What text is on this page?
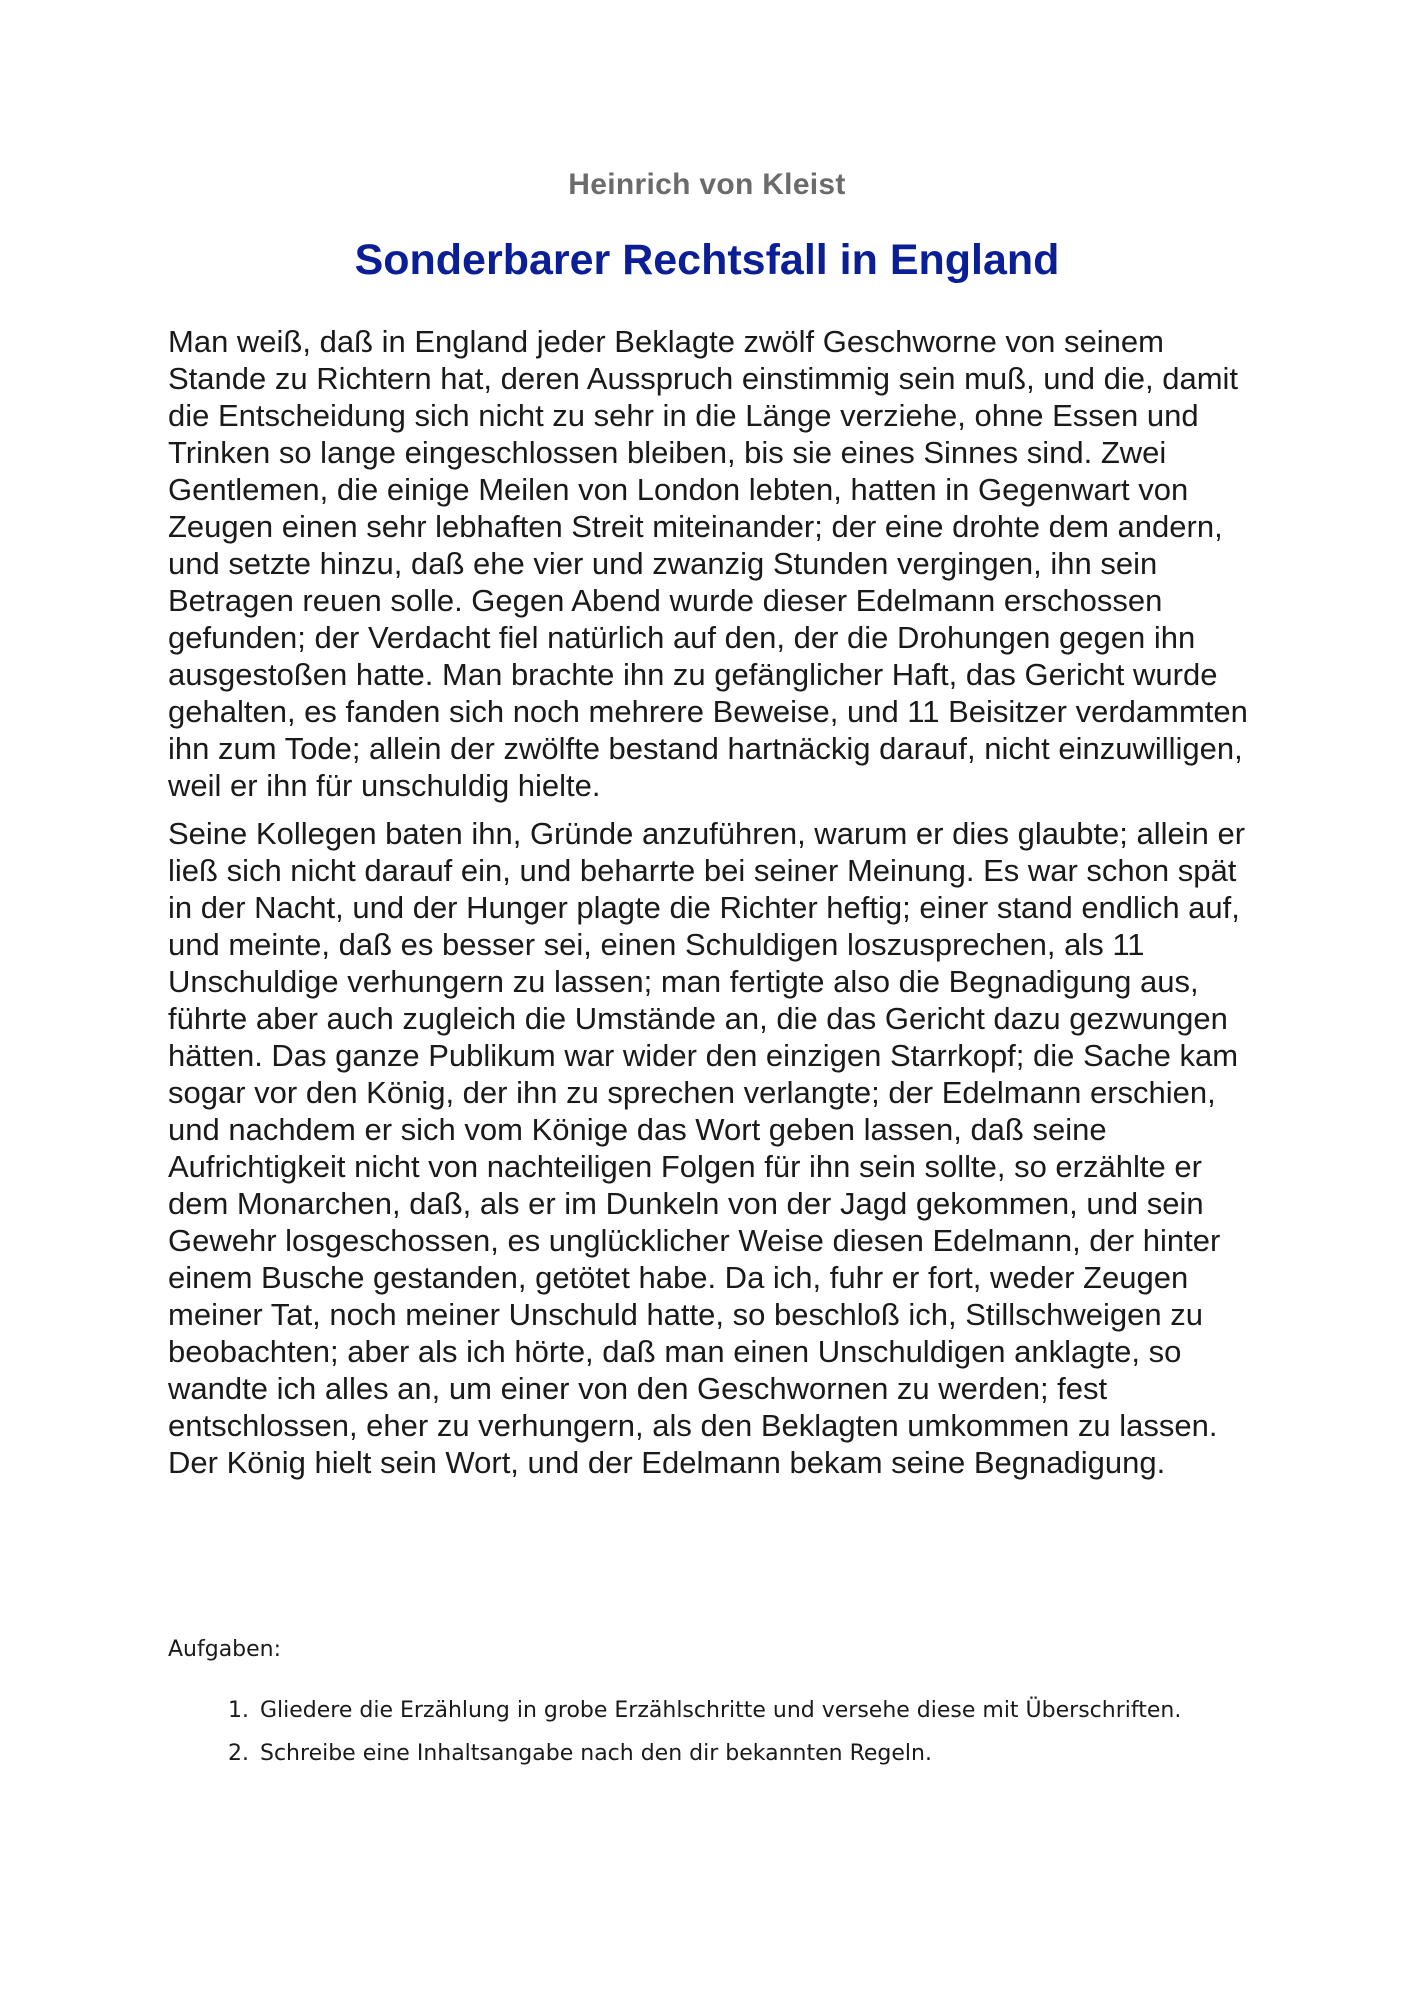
Heinrich von Kleist
Sonderbarer Rechtsfall in England

Man weiß, daß in England jeder Beklagte zwölf Geschworne von seinem Stande zu Richtern hat, deren Ausspruch einstimmig sein muß, und die, damit die Entscheidung sich nicht zu sehr in die Länge verziehe, ohne Essen und Trinken so lange eingeschlossen bleiben, bis sie eines Sinnes sind. Zwei Gentlemen, die einige Meilen von London lebten, hatten in Gegenwart von Zeugen einen sehr lebhaften Streit miteinander; der eine drohte dem andern, und setzte hinzu, daß ehe vier und zwanzig Stunden vergingen, ihn sein Betragen reuen solle. Gegen Abend wurde dieser Edelmann erschossen gefunden; der Verdacht fiel natürlich auf den, der die Drohungen gegen ihn ausgestoßen hatte. Man brachte ihn zu gefänglicher Haft, das Gericht wurde gehalten, es fanden sich noch mehrere Beweise, und 11 Beisitzer verdammten ihn zum Tode; allein der zwölfte bestand hartnäckig darauf, nicht einzuwilligen, weil er ihn für unschuldig hielte.

Seine Kollegen baten ihn, Gründe anzuführen, warum er dies glaubte; allein er ließ sich nicht darauf ein, und beharrte bei seiner Meinung. Es war schon spät in der Nacht, und der Hunger plagte die Richter heftig; einer stand endlich auf, und meinte, daß es besser sei, einen Schuldigen loszusprechen, als 11 Unschuldige verhungern zu lassen; man fertigte also die Begnadigung aus, führte aber auch zugleich die Umstände an, die das Gericht dazu gezwungen hätten. Das ganze Publikum war wider den einzigen Starrkopf; die Sache kam sogar vor den König, der ihn zu sprechen verlangte; der Edelmann erschien, und nachdem er sich vom Könige das Wort geben lassen, daß seine Aufrichtigkeit nicht von nachteiligen Folgen für ihn sein sollte, so erzählte er dem Monarchen, daß, als er im Dunkeln von der Jagd gekommen, und sein Gewehr losgeschossen, es unglücklicher Weise diesen Edelmann, der hinter einem Busche gestanden, getötet habe. Da ich, fuhr er fort, weder Zeugen meiner Tat, noch meiner Unschuld hatte, so beschloß ich, Stillschweigen zu beobachten; aber als ich hörte, daß man einen Unschuldigen anklagte, so wandte ich alles an, um einer von den Geschwornen zu werden; fest entschlossen, eher zu verhungern, als den Beklagten umkommen zu lassen. Der König hielt sein Wort, und der Edelmann bekam seine Begnadigung.

Aufgaben:
1. Gliedere die Erzählung in grobe Erzählschritte und versehe diese mit Überschriften.
2. Schreibe eine Inhaltsangabe nach den dir bekannten Regeln.
